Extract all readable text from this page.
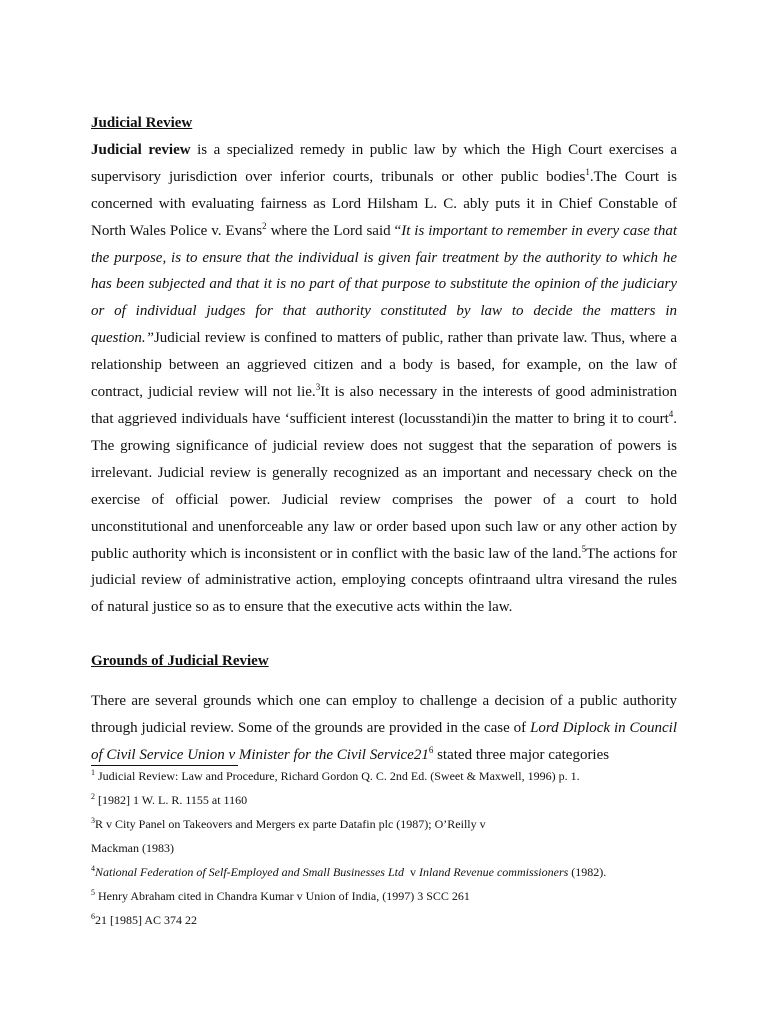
Judicial Review

Judicial review is a specialized remedy in public law by which the High Court exercises a supervisory jurisdiction over inferior courts, tribunals or other public bodies$^1$.The Court is concerned with evaluating fairness as Lord Hilsham L. C. ably puts it in Chief Constable of North Wales Police v. Evans$^2$ where the Lord said “It is important to remember in every case that the purpose, is to ensure that the individual is given fair treatment by the authority to which he has been subjected and that it is no part of that purpose to substitute the opinion of the judiciary or of individual judges for that authority constituted by law to decide the matters in question.”Judicial review is confined to matters of public, rather than private law. Thus, where a relationship between an aggrieved citizen and a body is based, for example, on the law of contract, judicial review will not lie.$^3$It is also necessary in the interests of good administration that aggrieved individuals have ‘sufficient interest (locusstandi)in the matter to bring it to court$^4$. The growing significance of judicial review does not suggest that the separation of powers is irrelevant. Judicial review is generally recognized as an important and necessary check on the exercise of official power. Judicial review comprises the power of a court to hold unconstitutional and unenforceable any law or order based upon such law or any other action by public authority which is inconsistent or in conflict with the basic law of the land.$^5$The actions for judicial review of administrative action, employing concepts ofintraand ultra viresand the rules of natural justice so as to ensure that the executive acts within the law.

Grounds of Judicial Review

There are several grounds which one can employ to challenge a decision of a public authority through judicial review. Some of the grounds are provided in the case of Lord Diplock in Council of Civil Service Union v Minister for the Civil $Service21^6$ stated three major categories

$^1$ Judicial Review: Law and Procedure, Richard Gordon Q. C. 2nd Ed. (Sweet & Maxwell, 1996) p. 1.

$^2$ [1982] 1 W. L. R. 1155 at 1160

$^3$R v City Panel on Takeovers and Mergers ex parte Datafin plc (1987); O’Reilly v

Mackman (1983)

$^4$National Federation of Self-Employed and Small Businesses Ltd  v Inland Revenue commissioners (1982).

$^5$ Henry Abraham cited in Chandra Kumar v Union of India, (1997) 3 SCC 261

$^6$21 [1985] AC 374 22
